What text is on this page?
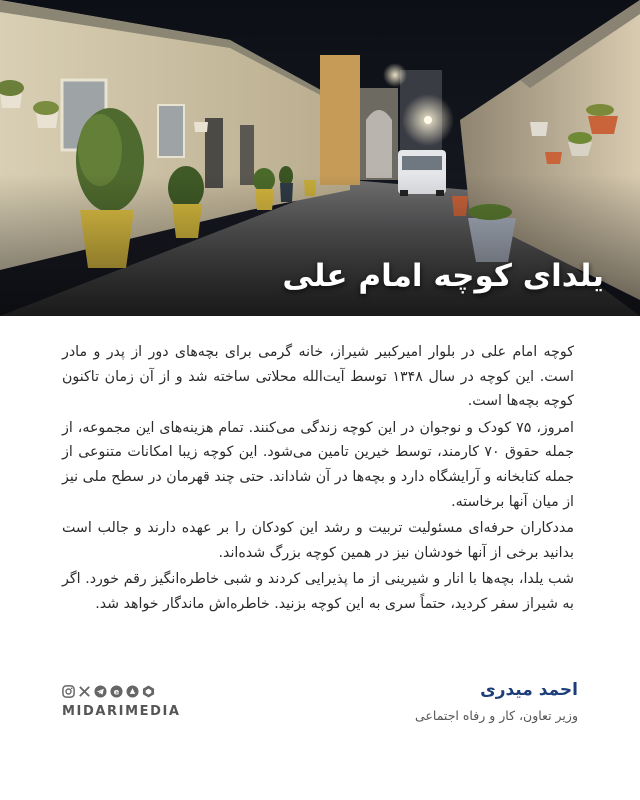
یلدای کوچه امام علی

کوچه امام علی در بلوار امیرکبیر شیراز، خانه گرمی برای بچه‌های دور از پدر و مادر است. این کوچه در سال ۱۳۴۸ توسط آیت‌الله محلاتی ساخته شد و از آن زمان تاکنون کوچه بچه‌ها است.

امروز، ۷۵ کودک و نوجوان در این کوچه زندگی می‌کنند. تمام هزینه‌های این مجموعه، از جمله حقوق ۷۰ کارمند، توسط خیرین تامین می‌شود. این کوچه زیبا امکانات متنوعی از جمله کتابخانه و آرایشگاه دارد و بچه‌ها در آن شاد‌اند. حتی چند قهرمان در سطح ملی نیز از میان آنها برخاسته.

مددکاران حرفه‌ای مسئولیت تربیت و رشد این کودکان را بر عهده دارند و جالب است بدانید برخی از آنها خودشان نیز در همین کوچه بزرگ شده‌اند.

شب یلدا، بچه‌ها با انار و شیرینی از ما پذیرایی کردند و شبی خاطره‌انگیز رقم خورد. اگر به شیراز سفر کردید، حتماً سری به این کوچه بزنید. خاطره‌اش ماندگار خواهد شد.

احمد میدری
وزیر تعاون، کار و رفاه اجتماعی
e
MIDARIMEDIA
